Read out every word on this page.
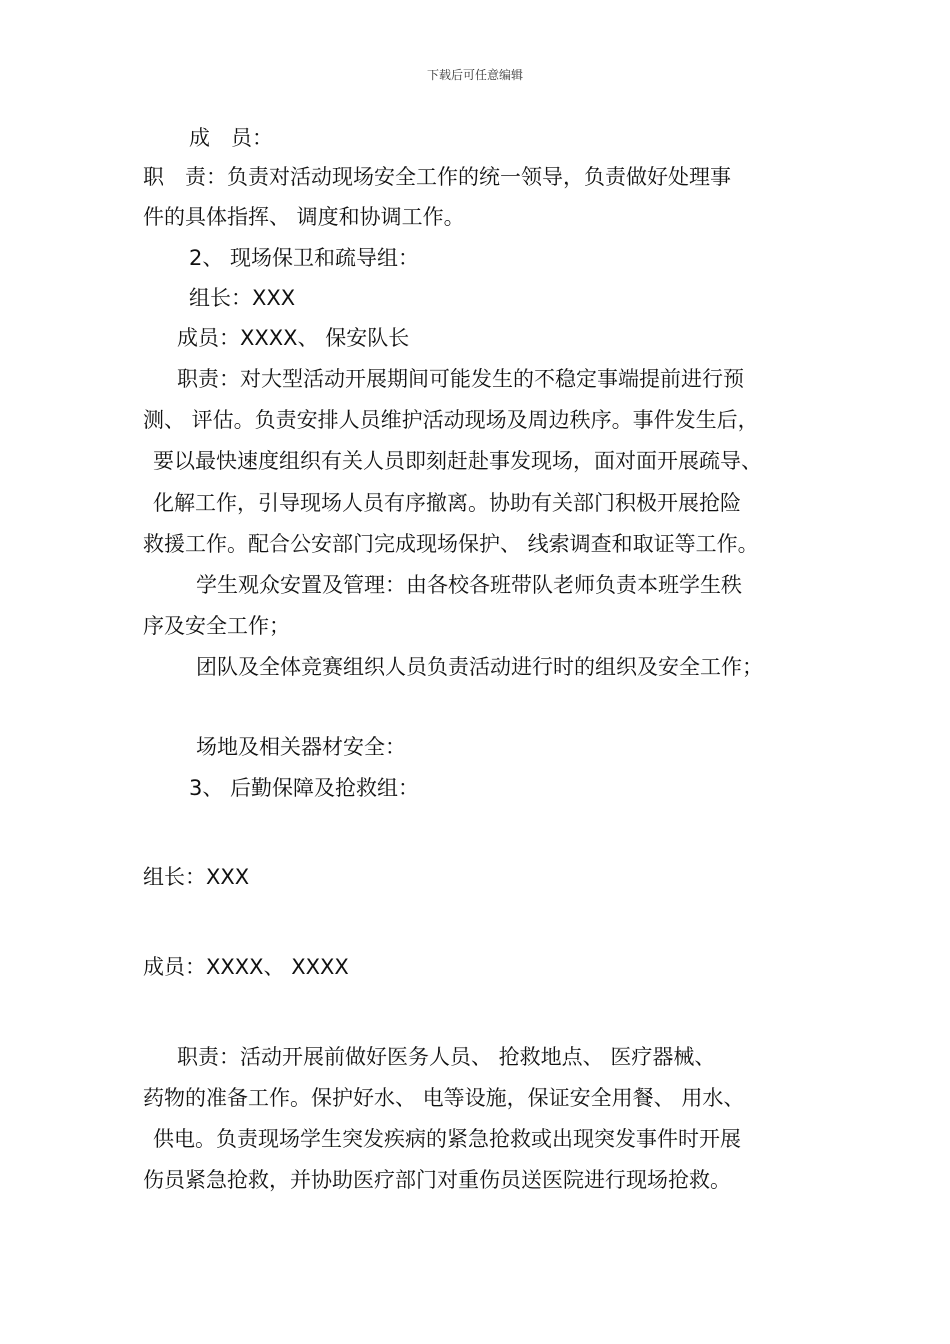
下载后可任意编辑
成　员：
职　责：负责对活动现场安全工作的统一领导，负责做好处理事
件的具体指挥、 调度和协调工作。
2、 现场保卫和疏导组：
组长：XXX
成员：XXXX、 保安队长
职责：对大型活动开展期间可能发生的不稳定事端提前进行预
测、 评估。负责安排人员维护活动现场及周边秩序。事件发生后，
要以最快速度组织有关人员即刻赶赴事发现场，面对面开展疏导、
化解工作，引导现场人员有序撤离。协助有关部门积极开展抢险
救援工作。配合公安部门完成现场保护、 线索调查和取证等工作。
学生观众安置及管理：由各校各班带队老师负责本班学生秩
序及安全工作；
团队及全体竞赛组织人员负责活动进行时的组织及安全工作；
场地及相关器材安全：
3、 后勤保障及抢救组：
组长：XXX
成员：XXXX、 XXXX
职责：活动开展前做好医务人员、 抢救地点、 医疗器械、
药物的准备工作。保护好水、 电等设施，保证安全用餐、 用水、
供电。负责现场学生突发疾病的紧急抢救或出现突发事件时开展
伤员紧急抢救，并协助医疗部门对重伤员送医院进行现场抢救。
